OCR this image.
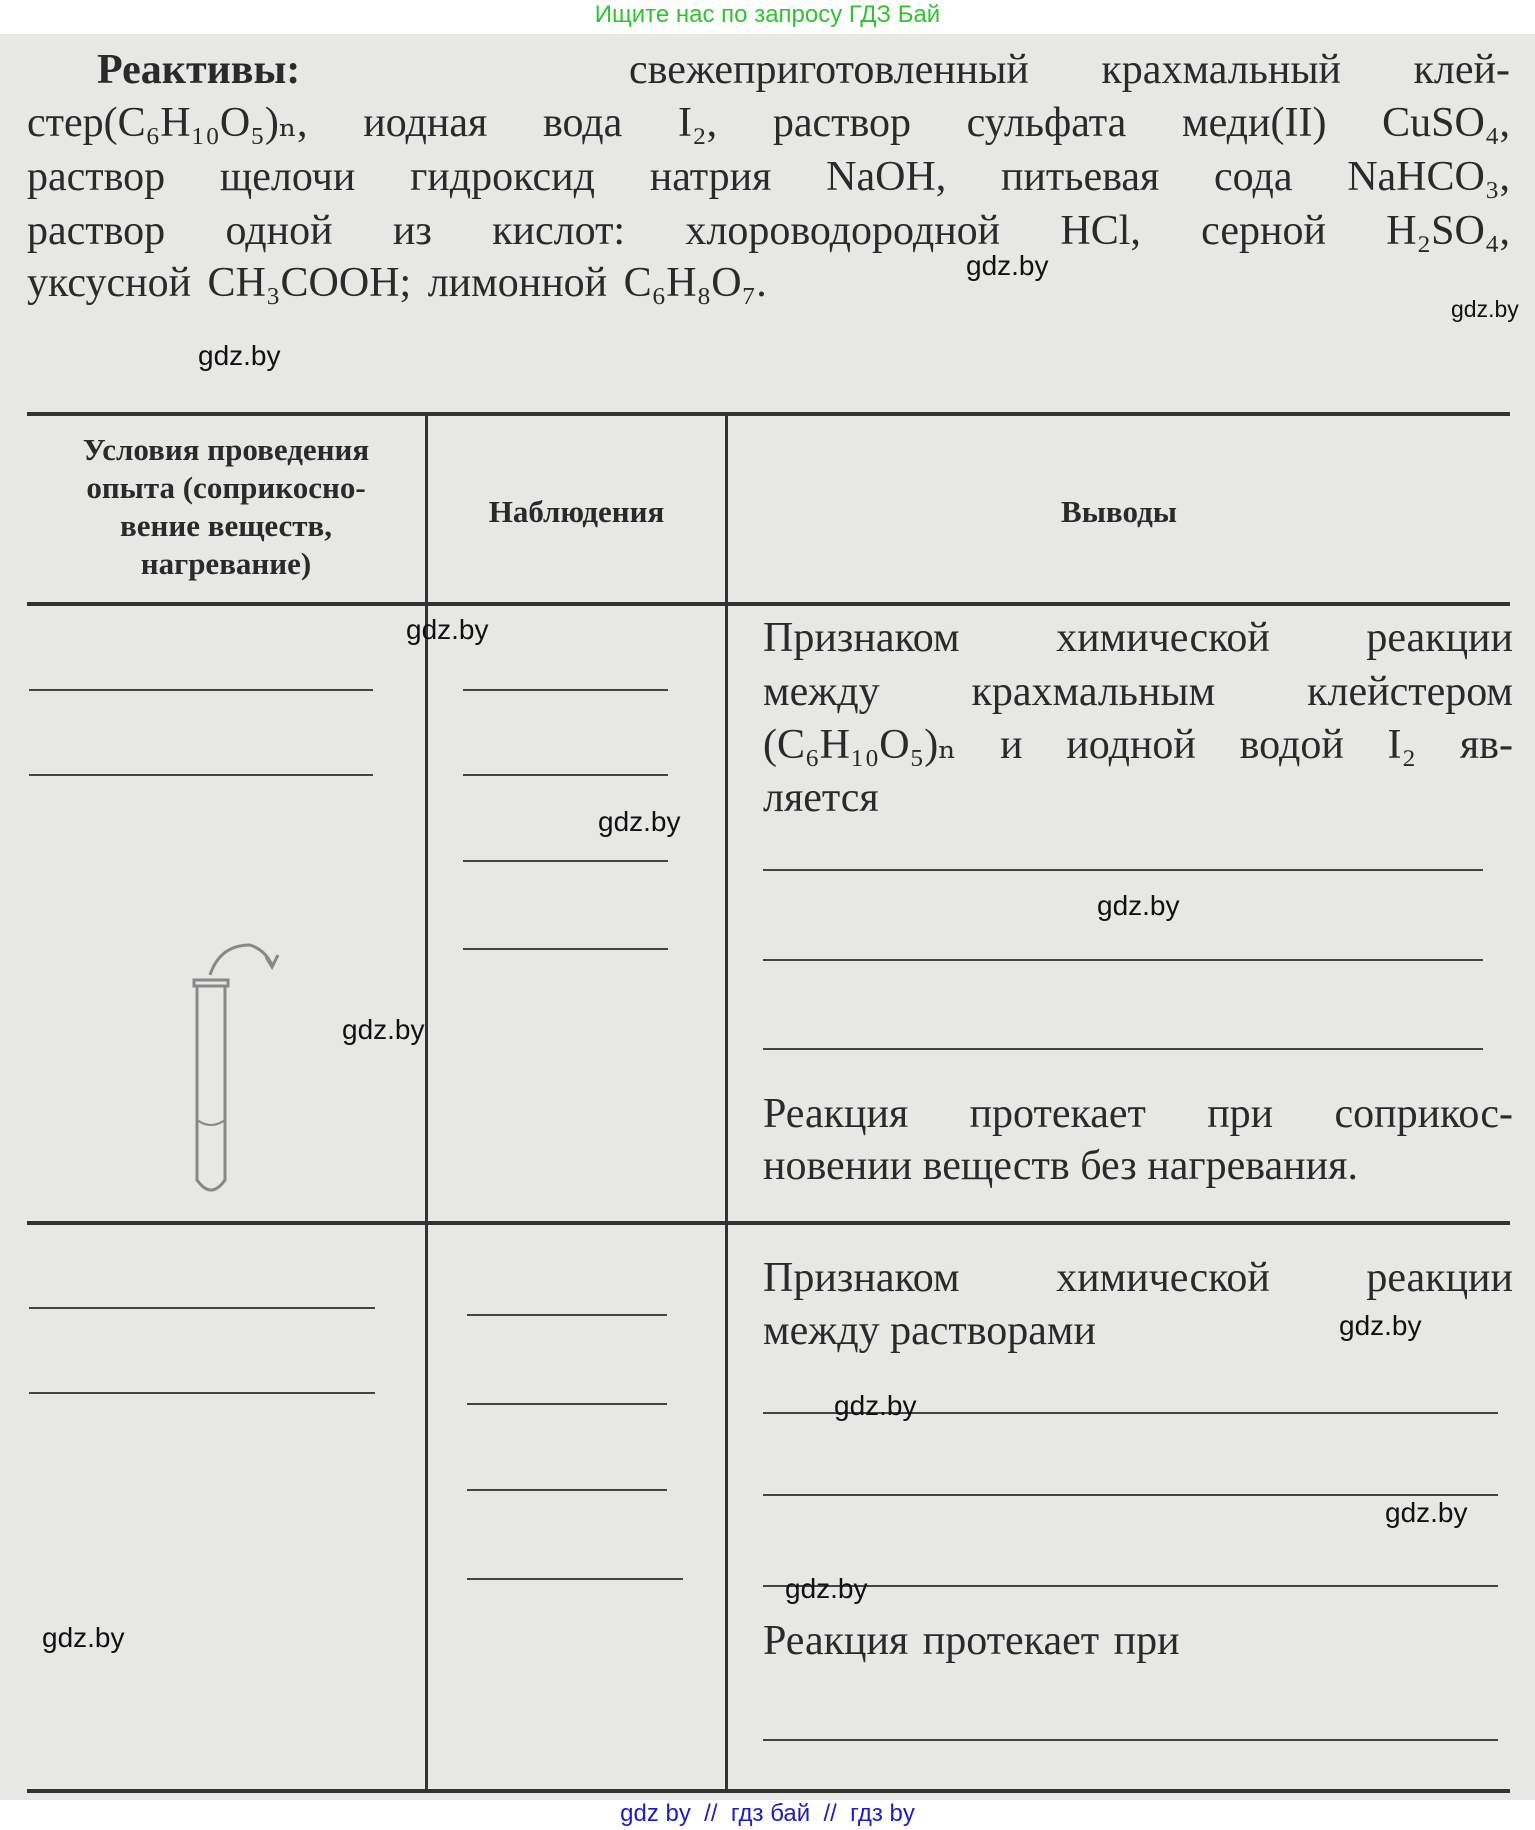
Ищите нас по запросу ГДЗ Бай
Реактивы:	свежеприготовленный крахмальный клей-
стер(C₆H₁₀O₅)ₙ, иодная вода I₂, раствор сульфата меди(II) CuSO₄,
раствор щелочи гидроксид натрия NaOH, питьевая сода NaHCO₃,
раствор одной из кислот: хлороводородной HCl, серной H₂SO₄,
уксусной CH₃COOH; лимонной C₆H₈O₇.
Условия проведения
опыта (соприкосно-
вение веществ,
нагревание)
Наблюдения	Выводы
Признаком химической реакции
между крахмальным клейстером
(C₆H₁₀O₅)ₙ и иодной водой I₂ яв-
ляется
Реакция протекает при соприкос-
новении веществ без нагревания.
Признаком химической реакции
между растворами
Реакция протекает при
gdz.by
gdz.by
gdz.by
gdz.by
gdz.by
gdz.by
gdz.by
gdz.by
gdz.by
gdz.by
gdz.by
gdz.by
gdz by  //  гдз бай  //  гдз by
